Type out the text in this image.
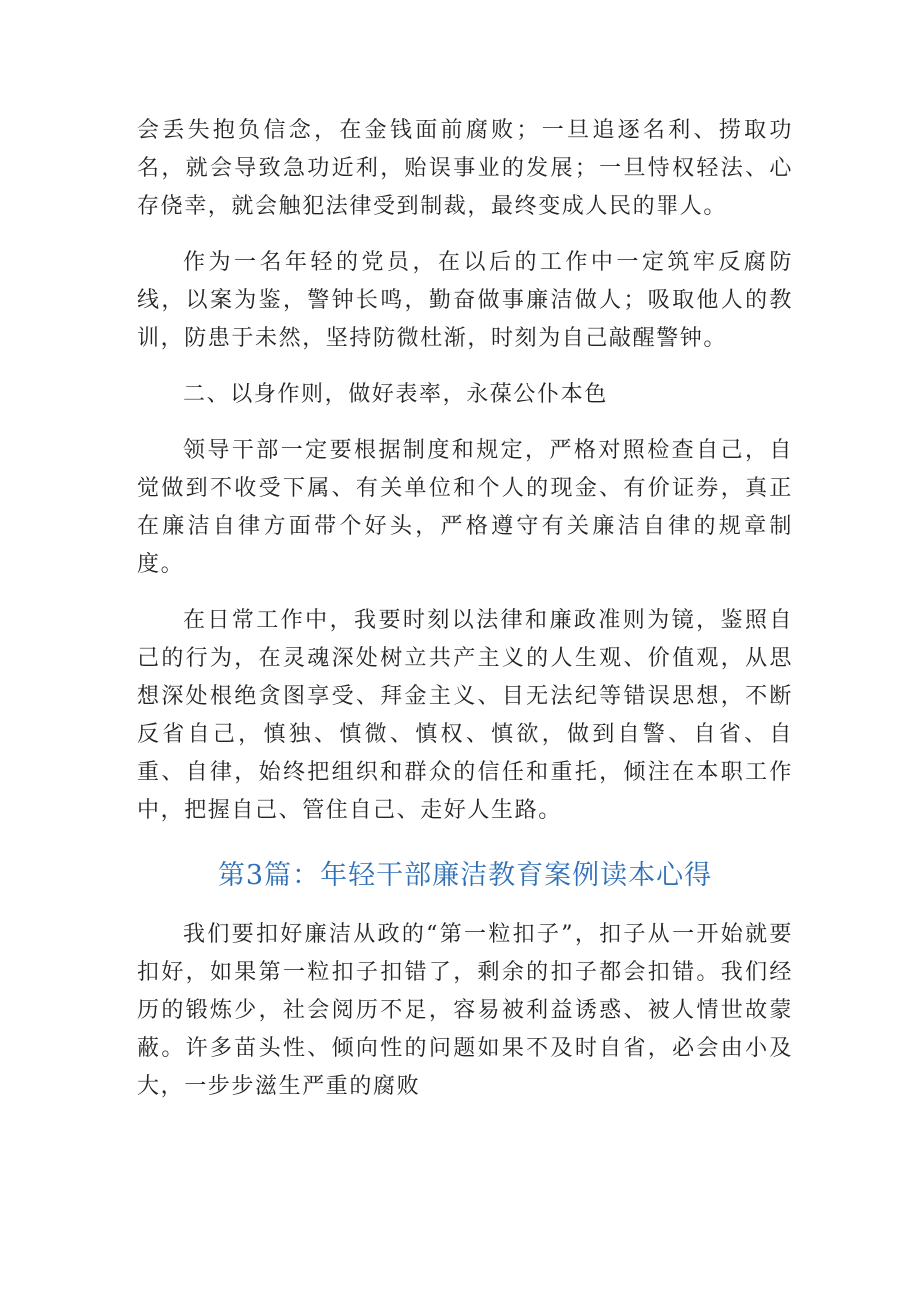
会丢失抱负信念，在金钱面前腐败；一旦追逐名利、捞取功名，就会导致急功近利，贻误事业的发展；一旦恃权轻法、心存侥幸，就会触犯法律受到制裁，最终变成人民的罪人。

作为一名年轻的党员，在以后的工作中一定筑牢反腐防线，以案为鉴，警钟长鸣，勤奋做事廉洁做人；吸取他人的教训，防患于未然，坚持防微杜渐，时刻为自己敲醒警钟。

二、以身作则，做好表率，永葆公仆本色

领导干部一定要根据制度和规定，严格对照检查自己，自觉做到不收受下属、有关单位和个人的现金、有价证券，真正在廉洁自律方面带个好头，严格遵守有关廉洁自律的规章制度。

在日常工作中，我要时刻以法律和廉政准则为镜，鉴照自己的行为，在灵魂深处树立共产主义的人生观、价值观，从思想深处根绝贪图享受、拜金主义、目无法纪等错误思想，不断反省自己，慎独、慎微、慎权、慎欲，做到自警、自省、自重、自律，始终把组织和群众的信任和重托，倾注在本职工作中，把握自己、管住自己、走好人生路。

第3篇：年轻干部廉洁教育案例读本心得

我们要扣好廉洁从政的“第一粒扣子”，扣子从一开始就要扣好，如果第一粒扣子扣错了，剩余的扣子都会扣错。我们经历的锻炼少，社会阅历不足，容易被利益诱惑、被人情世故蒙蔽。许多苗头性、倾向性的问题如果不及时自省，必会由小及大，一步步滋生严重的腐败
